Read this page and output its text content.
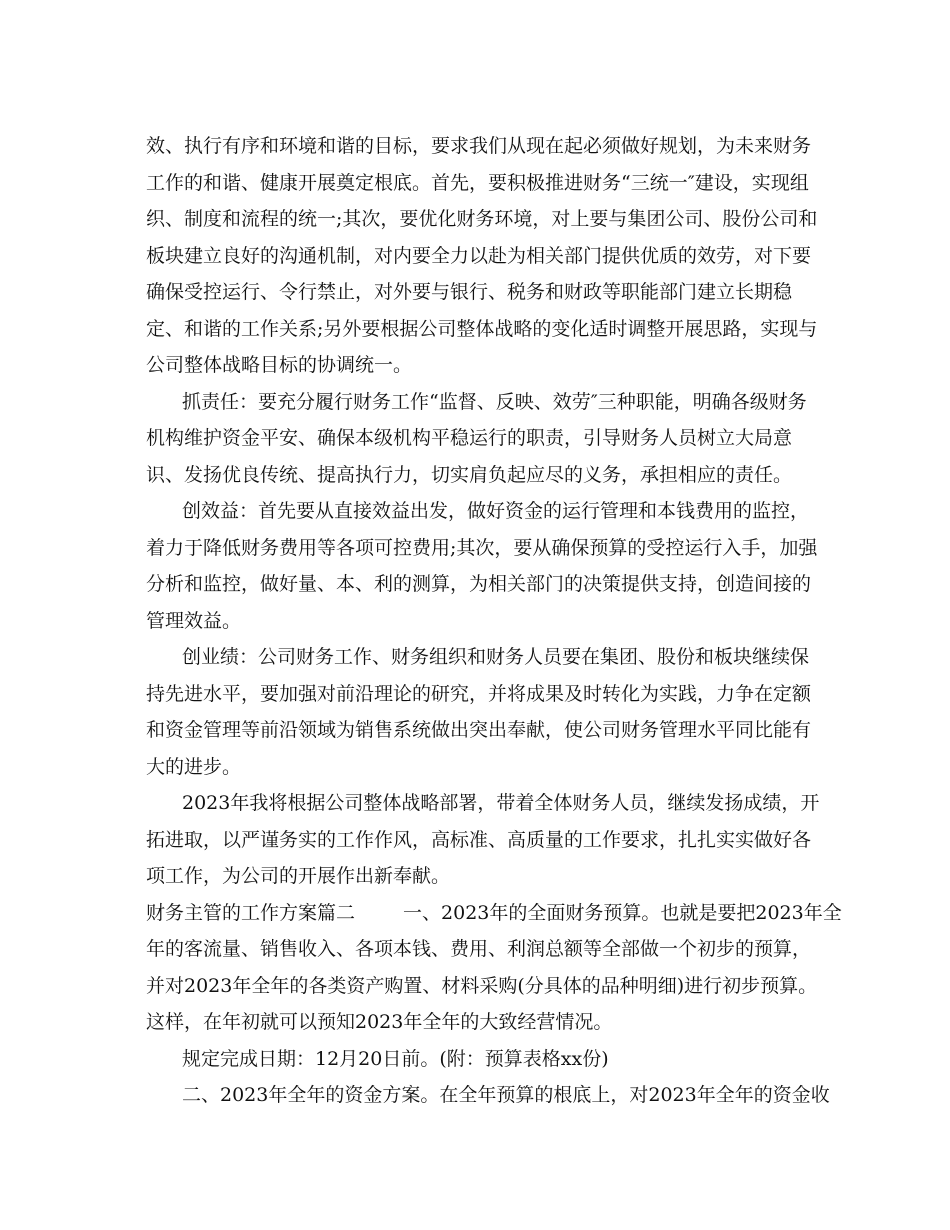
效、执行有序和环境和谐的目标，要求我们从现在起必须做好规划，为未来财务
工作的和谐、健康开展奠定根底。首先，要积极推进财务“三统一″建设，实现组
织、制度和流程的统一;其次，要优化财务环境，对上要与集团公司、股份公司和
板块建立良好的沟通机制，对内要全力以赴为相关部门提供优质的效劳，对下要
确保受控运行、令行禁止，对外要与银行、税务和财政等职能部门建立长期稳
定、和谐的工作关系;另外要根据公司整体战略的变化适时调整开展思路，实现与
公司整体战略目标的协调统一。
抓责任：要充分履行财务工作“监督、反映、效劳″三种职能，明确各级财务
机构维护资金平安、确保本级机构平稳运行的职责，引导财务人员树立大局意
识、发扬优良传统、提高执行力，切实肩负起应尽的义务，承担相应的责任。
创效益：首先要从直接效益出发，做好资金的运行管理和本钱费用的监控，
着力于降低财务费用等各项可控费用;其次，要从确保预算的受控运行入手，加强
分析和监控，做好量、本、利的测算，为相关部门的决策提供支持，创造间接的
管理效益。
创业绩：公司财务工作、财务组织和财务人员要在集团、股份和板块继续保
持先进水平，要加强对前沿理论的研究，并将成果及时转化为实践，力争在定额
和资金管理等前沿领域为销售系统做出突出奉献，使公司财务管理水平同比能有
大的进步。
2023年我将根据公司整体战略部署，带着全体财务人员，继续发扬成绩，开
拓进取，以严谨务实的工作作风，高标准、高质量的工作要求，扎扎实实做好各
项工作，为公司的开展作出新奉献。
财务主管的工作方案篇二	一、2023年的全面财务预算。也就是要把2023年全
年的客流量、销售收入、各项本钱、费用、利润总额等全部做一个初步的预算，
并对2023年全年的各类资产购置、材料采购(分具体的品种明细)进行初步预算。
这样，在年初就可以预知2023年全年的大致经营情况。
规定完成日期：12月20日前。(附：预算表格xx份)
二、2023年全年的资金方案。在全年预算的根底上，对2023年全年的资金收
